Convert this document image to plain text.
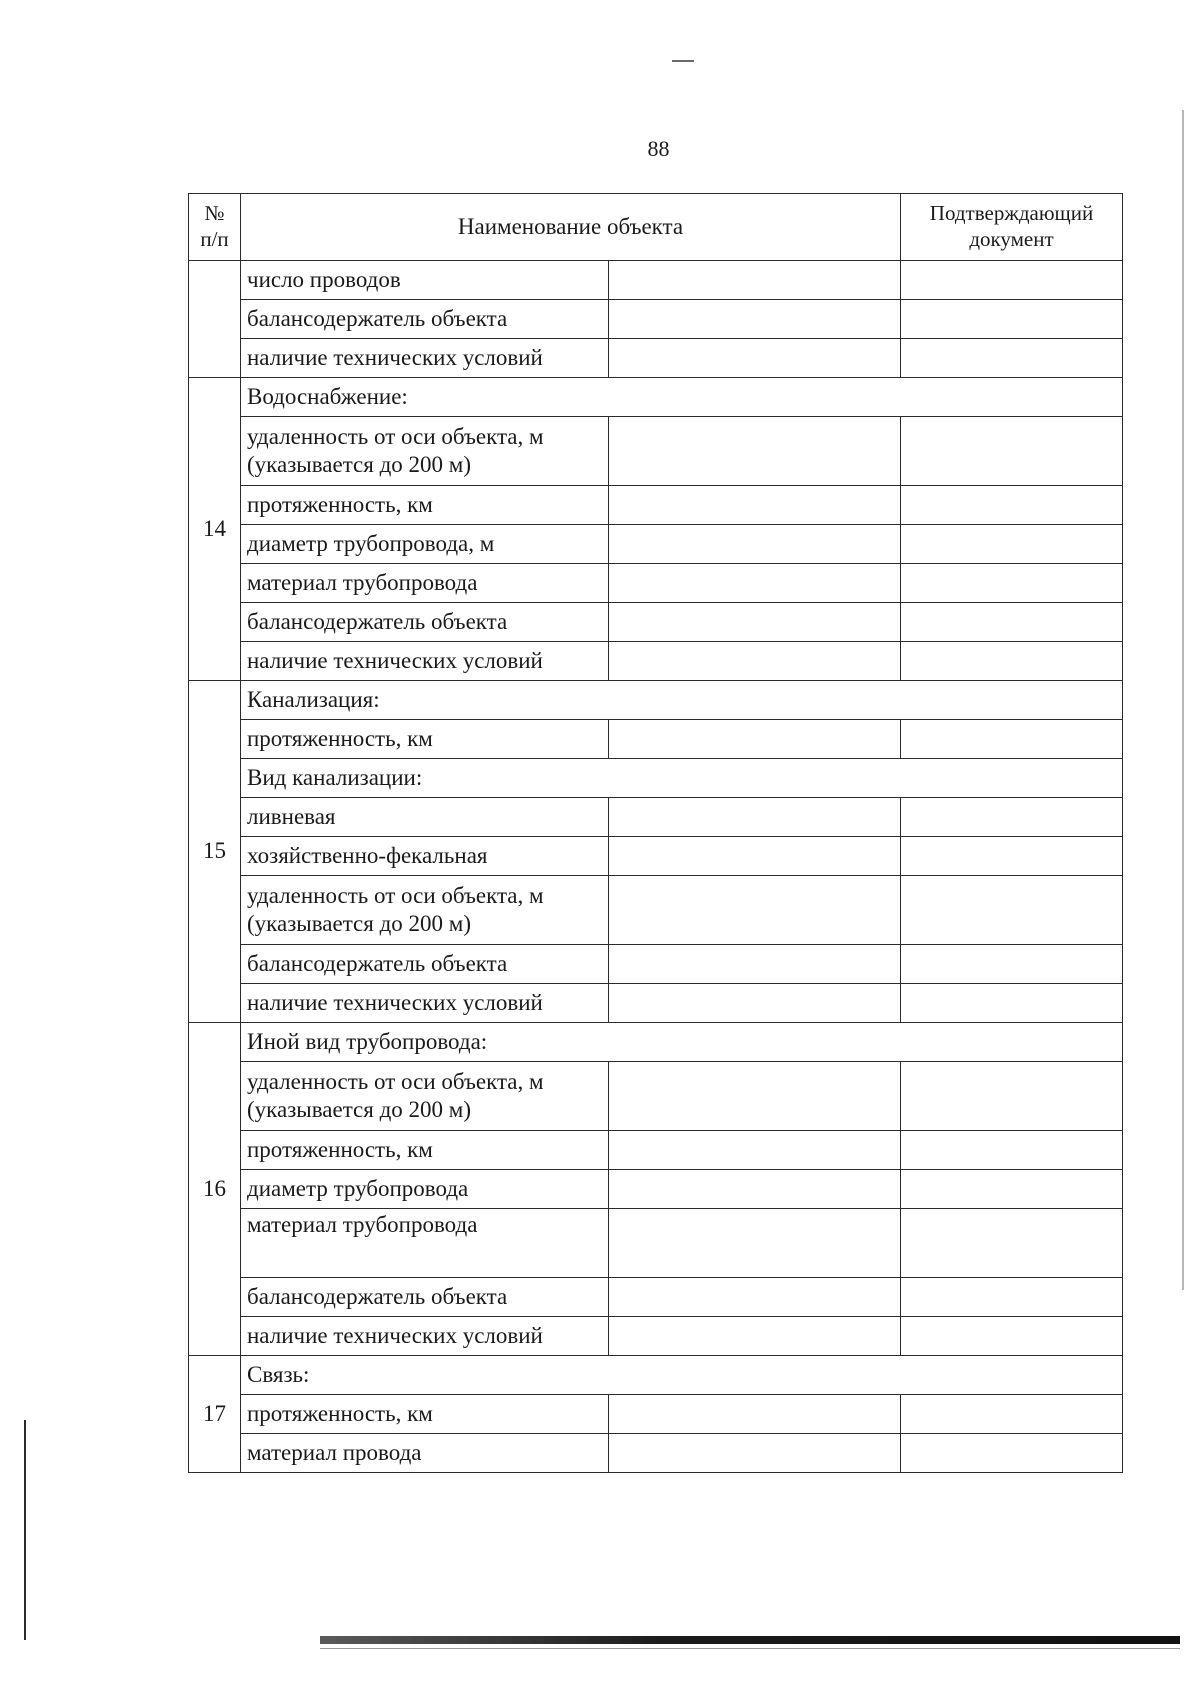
88
№ п/п	Наименование объекта		Подтверждающий документ
	число проводов		
	балансодержатель объекта		
	наличие технических условий		
14	Водоснабжение:		
	удаленность от оси объекта, м (указывается до 200 м)		
	протяженность, км		
	диаметр трубопровода, м		
	материал трубопровода		
	балансодержатель объекта		
	наличие технических условий		
15	Канализация:		
	протяженность, км		
	Вид канализации:		
	ливневая		
	хозяйственно-фекальная		
	удаленность от оси объекта, м (указывается до 200 м)		
	балансодержатель объекта		
	наличие технических условий		
16	Иной вид трубопровода:		
	удаленность от оси объекта, м (указывается до 200 м)		
	протяженность, км		
	диаметр трубопровода		
	материал трубопровода		
	балансодержатель объекта		
	наличие технических условий		
17	Связь:		
	протяженность, км		
	материал провода		
